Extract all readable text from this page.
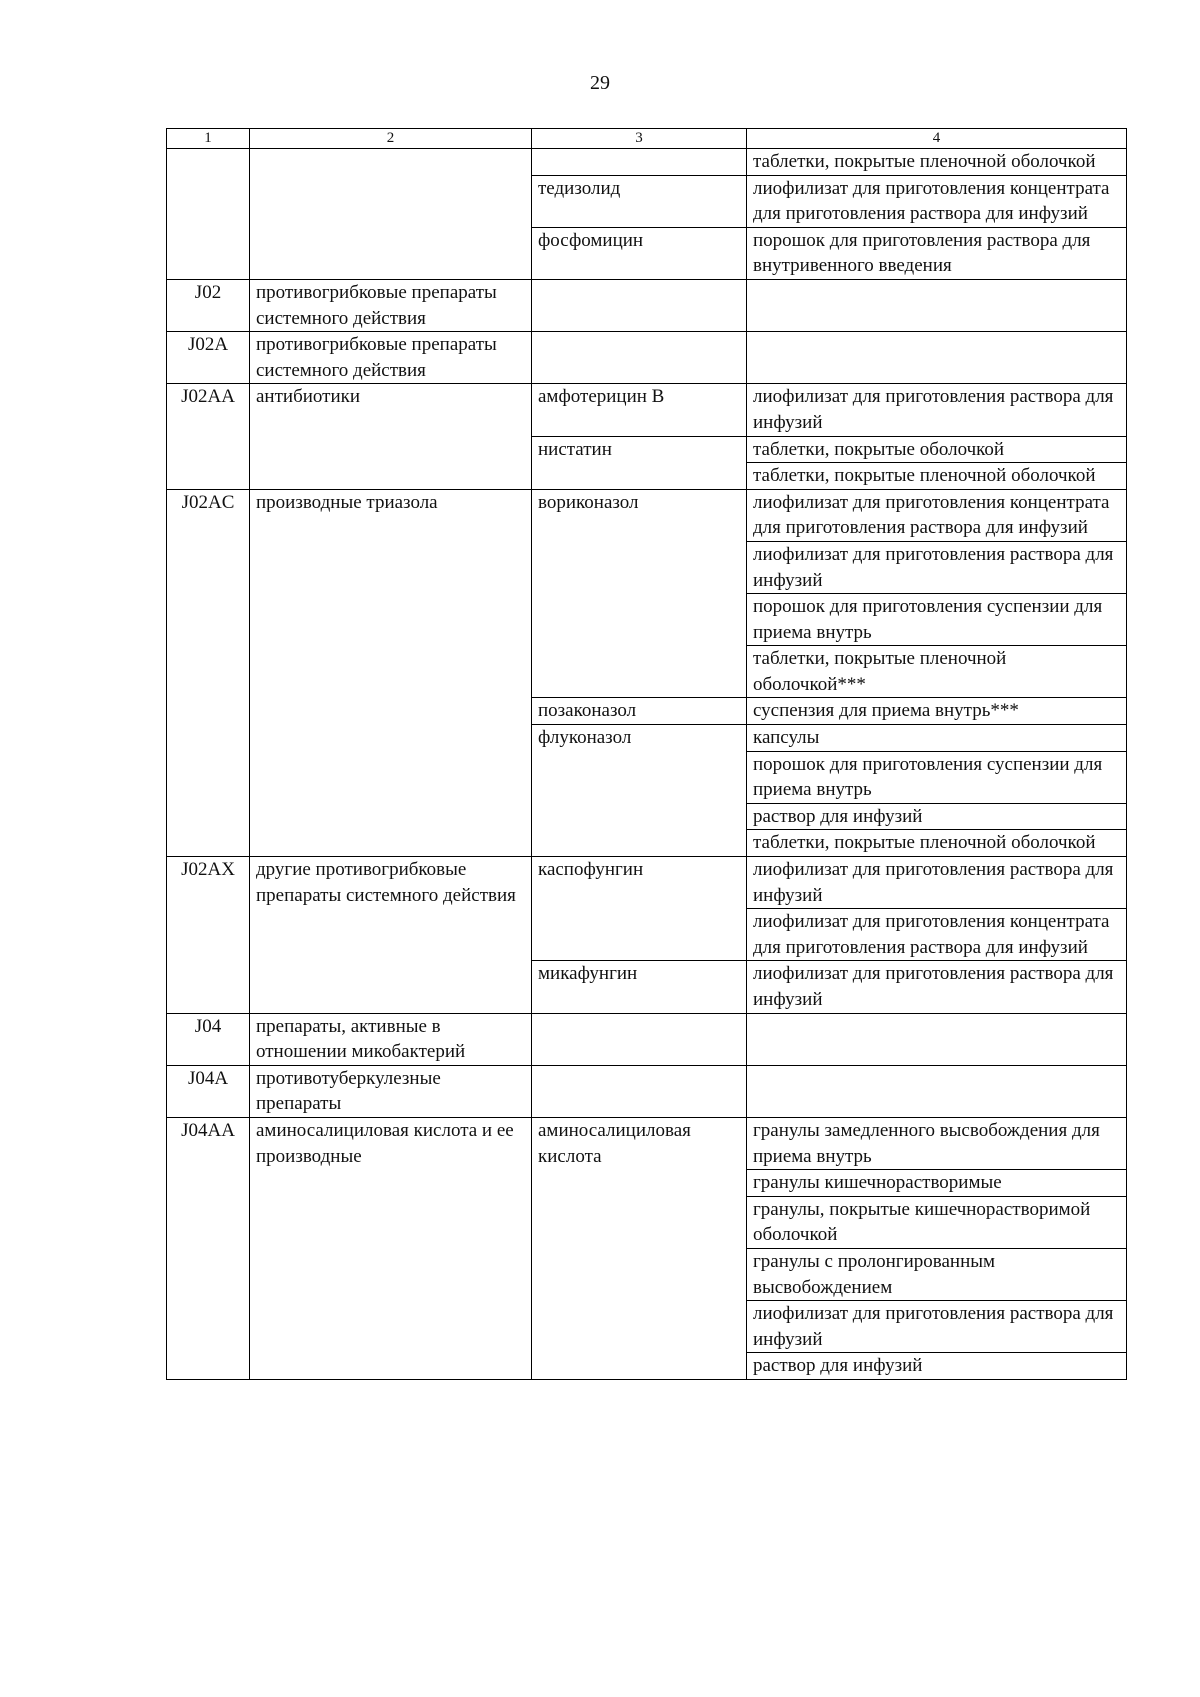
29
1	2	3	4
			таблетки, покрытые пленочной оболочкой
		тедизолид	лиофилизат для приготовления концентрата для приготовления раствора для инфузий
		фосфомицин	порошок для приготовления раствора для внутривенного введения
J02	противогрибковые препараты системного действия		
J02A	противогрибковые препараты системного действия		
J02AA	антибиотики	амфотерицин В	лиофилизат для приготовления раствора для инфузий
		нистатин	таблетки, покрытые оболочкой
			таблетки, покрытые пленочной оболочкой
J02AC	производные триазола	вориконазол	лиофилизат для приготовления концентрата для приготовления раствора для инфузий
			лиофилизат для приготовления раствора для инфузий
			порошок для приготовления суспензии для приема внутрь
			таблетки, покрытые пленочной оболочкой***
		позаконазол	суспензия для приема внутрь***
		флуконазол	капсулы
			порошок для приготовления суспензии для приема внутрь
			раствор для инфузий
			таблетки, покрытые пленочной оболочкой
J02AX	другие противогрибковые препараты системного действия	каспофунгин	лиофилизат для приготовления раствора для инфузий
			лиофилизат для приготовления концентрата для приготовления раствора для инфузий
		микафунгин	лиофилизат для приготовления раствора для инфузий
J04	препараты, активные в отношении микобактерий		
J04A	противотуберкулезные препараты		
J04AA	аминосалициловая кислота и ее производные	аминосалициловая кислота	гранулы замедленного высвобождения для приема внутрь
			гранулы кишечнорастворимые
			гранулы, покрытые кишечнорастворимой оболочкой
			гранулы с пролонгированным высвобождением
			лиофилизат для приготовления раствора для инфузий
			раствор для инфузий
